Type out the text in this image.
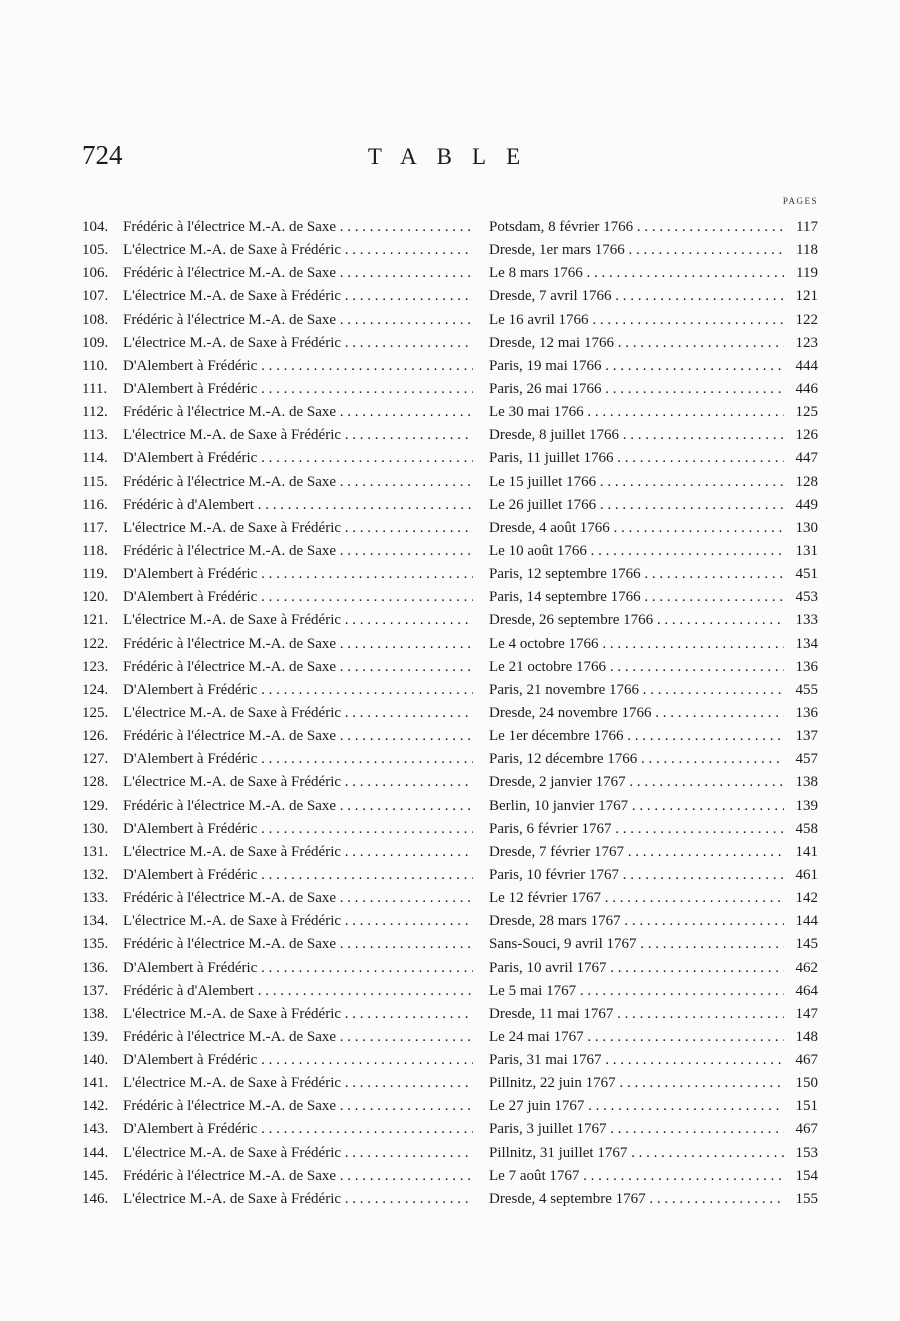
724	TABLE
PAGES
104. Frédéric à l'électrice M.-A. de Saxe . . .	Potsdam, 8 février 1766 . . .	117
105. L'électrice M.-A. de Saxe à Frédéric . . .	Dresde, 1er mars 1766 . . .	118
106. Frédéric à l'électrice M.-A. de Saxe . . .	Le 8 mars 1766 . . .	119
107. L'électrice M.-A. de Saxe à Frédéric . . .	Dresde, 7 avril 1766 . . .	121
108. Frédéric à l'électrice M.-A. de Saxe . . .	Le 16 avril 1766 . . .	122
109. L'électrice M.-A. de Saxe à Frédéric . . .	Dresde, 12 mai 1766 . . .	123
110.	D'Alembert à Frédéric . . .	Paris, 19 mai 1766 . . .	444
111.	D'Alembert à Frédéric . . .	Paris, 26 mai 1766 . . .	446
112.	Frédéric à l'électrice M.-A. de Saxe . . .	Le 30 mai 1766 . . .	125
113.	L'électrice M.-A. de Saxe à Frédéric . . .	Dresde, 8 juillet 1766 . . .	126
114.	D'Alembert à Frédéric . . .	Paris, 11 juillet 1766 . . .	447
115.	Frédéric à l'électrice M.-A. de Saxe . . .	Le 15 juillet 1766 . . .	128
116.	Frédéric à d'Alembert . . .	Le 26 juillet 1766 . . .	449
117.	L'électrice M.-A. de Saxe à Frédéric . . .	Dresde, 4 août 1766 . . .	130
118.	Frédéric à l'électrice M.-A. de Saxe . . .	Le 10 août 1766 . . .	131
119.	D'Alembert à Frédéric . . .	Paris, 12 septembre 1766 . . .	451
120. D'Alembert à Frédéric . . .	Paris, 14 septembre 1766 . . .	453
121. L'électrice M.-A. de Saxe à Frédéric . . .	Dresde, 26 septembre 1766 . . .	133
122. Frédéric à l'électrice M.-A. de Saxe . . .	Le 4 octobre 1766 . . .	134
123. Frédéric à l'électrice M.-A. de Saxe . . .	Le 21 octobre 1766 . . .	136
124. D'Alembert à Frédéric . . .	Paris, 21 novembre 1766 . . .	455
125. L'électrice M.-A. de Saxe à Frédéric . . .	Dresde, 24 novembre 1766 . . .	136
126. Frédéric à l'électrice M.-A. de Saxe . . .	Le 1er décembre 1766 . . .	137
127. D'Alembert à Frédéric . . .	Paris, 12 décembre 1766 . . .	457
128. L'électrice M.-A. de Saxe à Frédéric . . .	Dresde, 2 janvier 1767 . . .	138
129. Frédéric à l'électrice M.-A. de Saxe . . .	Berlin, 10 janvier 1767 . . .	139
130. D'Alembert à Frédéric . . .	Paris, 6 février 1767 . . .	458
131. L'électrice M.-A. de Saxe à Frédéric . . .	Dresde, 7 février 1767 . . .	141
132. D'Alembert à Frédéric . . .	Paris, 10 février 1767 . . .	461
133. Frédéric à l'électrice M.-A. de Saxe . . .	Le 12 février 1767 . . .	142
134. L'électrice M.-A. de Saxe à Frédéric . . .	Dresde, 28 mars 1767 . . .	144
135. Frédéric à l'électrice M.-A. de Saxe . . .	Sans-Souci, 9 avril 1767 . . .	145
136. D'Alembert à Frédéric . . .	Paris, 10 avril 1767 . . .	462
137. Frédéric à d'Alembert . . .	Le 5 mai 1767 . . .	464
138. L'électrice M.-A. de Saxe à Frédéric . . .	Dresde, 11 mai 1767 . . .	147
139. Frédéric à l'électrice M.-A. de Saxe . . .	Le 24 mai 1767 . . .	148
140. D'Alembert à Frédéric . . .	Paris, 31 mai 1767 . . .	467
141. L'électrice M.-A. de Saxe à Frédéric . . .	Pillnitz, 22 juin 1767 . . .	150
142. Frédéric à l'électrice M.-A. de Saxe . . .	Le 27 juin 1767 . . .	151
143. D'Alembert à Frédéric . . .	Paris, 3 juillet 1767 . . .	467
144. L'électrice M.-A. de Saxe à Frédéric . . .	Pillnitz, 31 juillet 1767 . . .	153
145. Frédéric à l'électrice M.-A. de Saxe . . .	Le 7 août 1767 . . .	154
146. L'électrice M.-A. de Saxe à Frédéric . . .	Dresde, 4 septembre 1767 . . .	155
